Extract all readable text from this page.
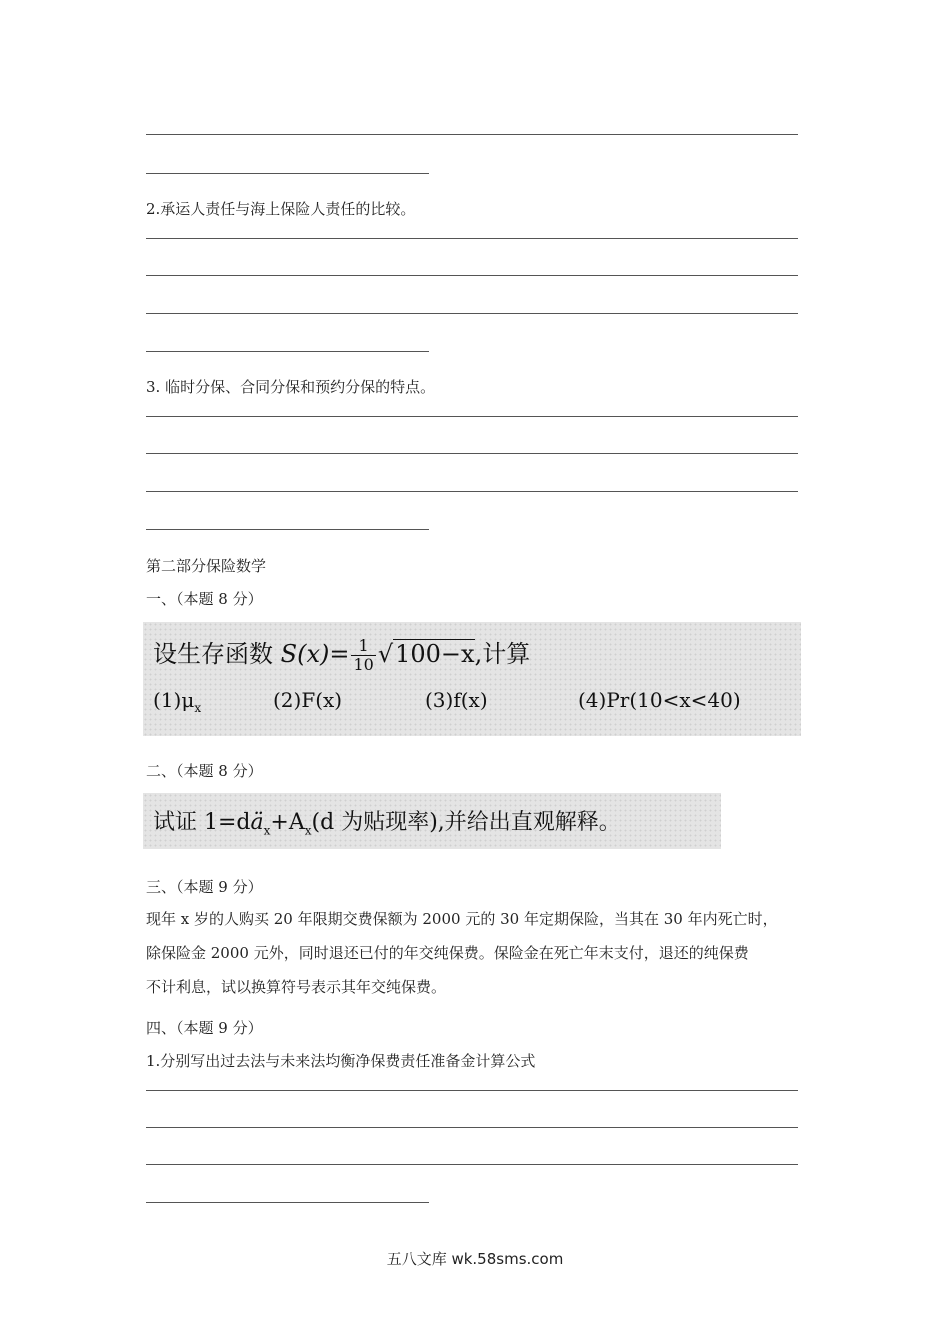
2.承运人责任与海上保险人责任的比较。
3. 临时分保、合同分保和预约分保的特点。
第二部分保险数学
一、（本题 8 分）
设生存函数 $S(x)= \frac{1}{10} √100-x$,计算
$(1)\mu_x$	(2)F(x)	(3)f(x)	(4)Pr(10<x<40)
二、（本题 8 分）
试证 $1=dä_x+A_x(d$ 为贴现率),并给出直观解释。
三、（本题 9 分）
现年 x 岁的人购买 20 年限期交费保额为 2000 元的 30 年定期保险，当其在 30 年内死亡时，
除保险金 2000 元外，同时退还已付的年交纯保费。保险金在死亡年末支付，退还的纯保费
不计利息，试以换算符号表示其年交纯保费。
四、（本题 9 分）
1.分别写出过去法与未来法均衡净保费责任准备金计算公式
五八文库 wk.58sms.com
